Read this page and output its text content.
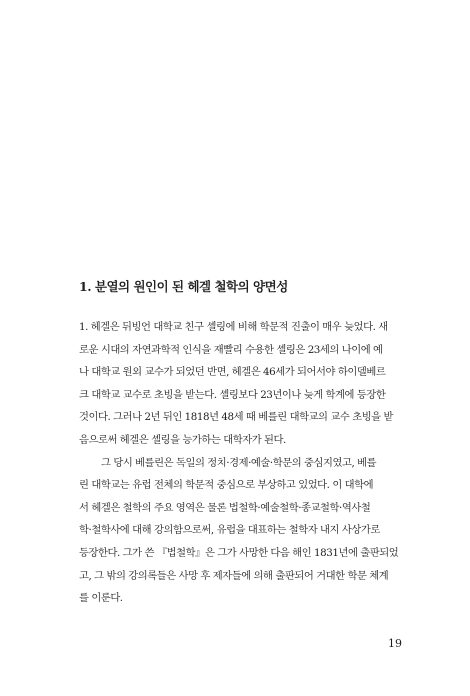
1. 분열의 원인이 된 헤겔 철학의 양면성
1. 헤겔은 뒤빙언 대학교 친구 셸링에 비해 학문적 진출이 매우 늦었다. 새
로운 시대의 자연과학적 인식을 재빨리 수용한 셸링은 23세의 나이에 예
나 대학교 원외 교수가 되었던 반면, 헤겔은 46세가 되어서야 하이델베르
크 대학교 교수로 초빙을 받는다. 셸링보다 23년이나 늦게 학계에 등장한
것이다. 그러나 2년 뒤인 1818년 48세 때 베를린 대학교의 교수 초빙을 받
음으로써 헤겔은 셸링을 능가하는 대학자가 된다.
그 당시 베를린은 독일의 정치·경제·예술·학문의 중심지였고, 베를
린 대학교는 유럽 전체의 학문적 중심으로 부상하고 있었다. 이 대학에
서 헤겔은 철학의 주요 영역은 물론 법철학·예술철학·종교철학·역사철
학·철학사에 대해 강의함으로써, 유럽을 대표하는 철학자 내지 사상가로
등장한다. 그가 쓴 『법철학』은 그가 사망한 다음 해인 1831년에 출판되었
고, 그 밖의 강의록들은 사망 후 제자들에 의해 출판되어 거대한 학문 체계
를 이룬다.
19
